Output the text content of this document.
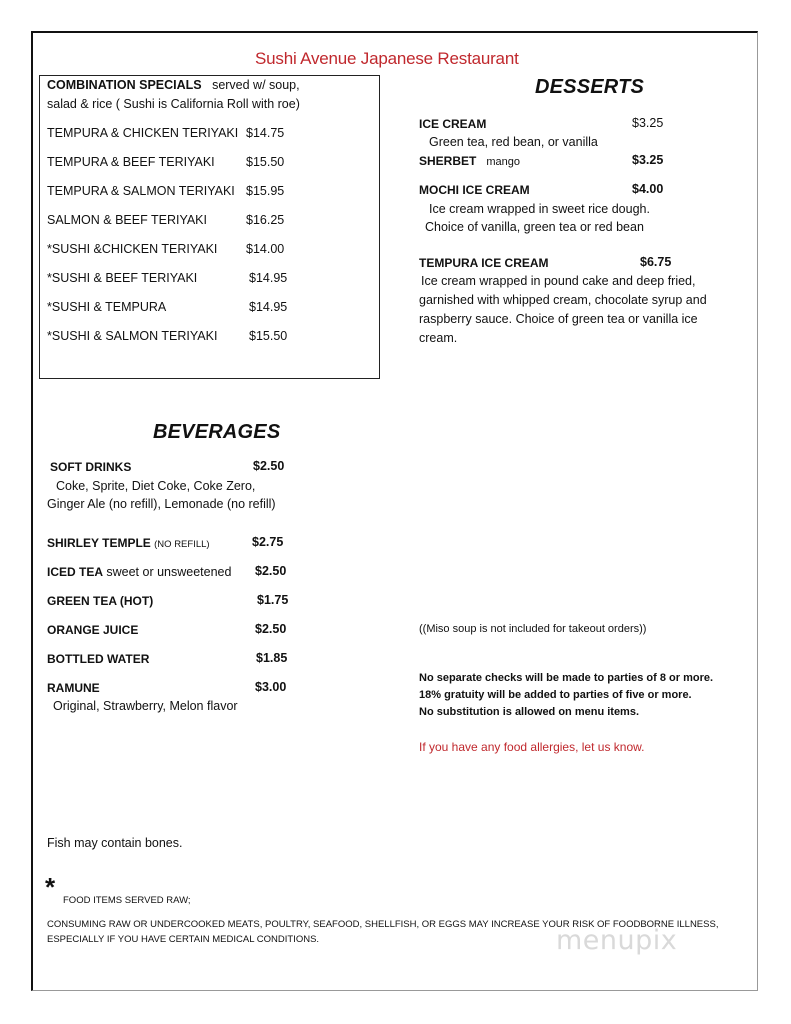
Sushi Avenue Japanese Restaurant
COMBINATION SPECIALS served w/ soup,
salad & rice ( Sushi is California Roll with roe)
TEMPURA & CHICKEN TERIYAKI $14.75
TEMPURA & BEEF TERIYAKI	$15.50
TEMPURA & SALMON TERIYAKI $15.95
SALMON & BEEF TERIYAKI	$16.25
*SUSHI &CHICKEN TERIYAKI $14.00
*SUSHI & BEEF TERIYAKI	$14.95
*SUSHI & TEMPURA	$14.95
*SUSHI & SALMON TERIYAKI	$15.50
DESSERTS
ICE CREAM	$3.25
Green tea, red bean, or vanilla
SHERBET mango	$3.25
MOCHI ICE CREAM	$4.00
Ice cream wrapped in sweet rice dough.
Choice of vanilla, green tea or red bean
TEMPURA ICE CREAM	$6.75
Ice cream wrapped in pound cake and deep fried,
garnished with whipped cream, chocolate syrup and
raspberry sauce. Choice of green tea or vanilla ice
cream.
BEVERAGES
SOFT DRINKS	$2.50
Coke, Sprite, Diet Coke, Coke Zero,
Ginger Ale (no refill), Lemonade (no refill)
SHIRLEY TEMPLE (NO REFILL)	$2.75
ICED TEA sweet or unsweetened $2.50
GREEN TEA (HOT)	$1.75
ORANGE JUICE	$2.50
BOTTLED WATER	$1.85
RAMUNE	$3.00
Original, Strawberry, Melon flavor
((Miso soup is not included for takeout orders))
No separate checks will be made to parties of 8 or more.
18% gratuity will be added to parties of five or more.
No substitution is allowed on menu items.
If you have any food allergies, let us know.
Fish may contain bones.
* FOOD ITEMS SERVED RAW;
CONSUMING RAW OR UNDERCOOKED MEATS, POULTRY, SEAFOOD, SHELLFISH, OR EGGS MAY INCREASE YOUR RISK OF FOODBORNE ILLNESS,
ESPECIALLY IF YOU HAVE CERTAIN MEDICAL CONDITIONS.	menupix
